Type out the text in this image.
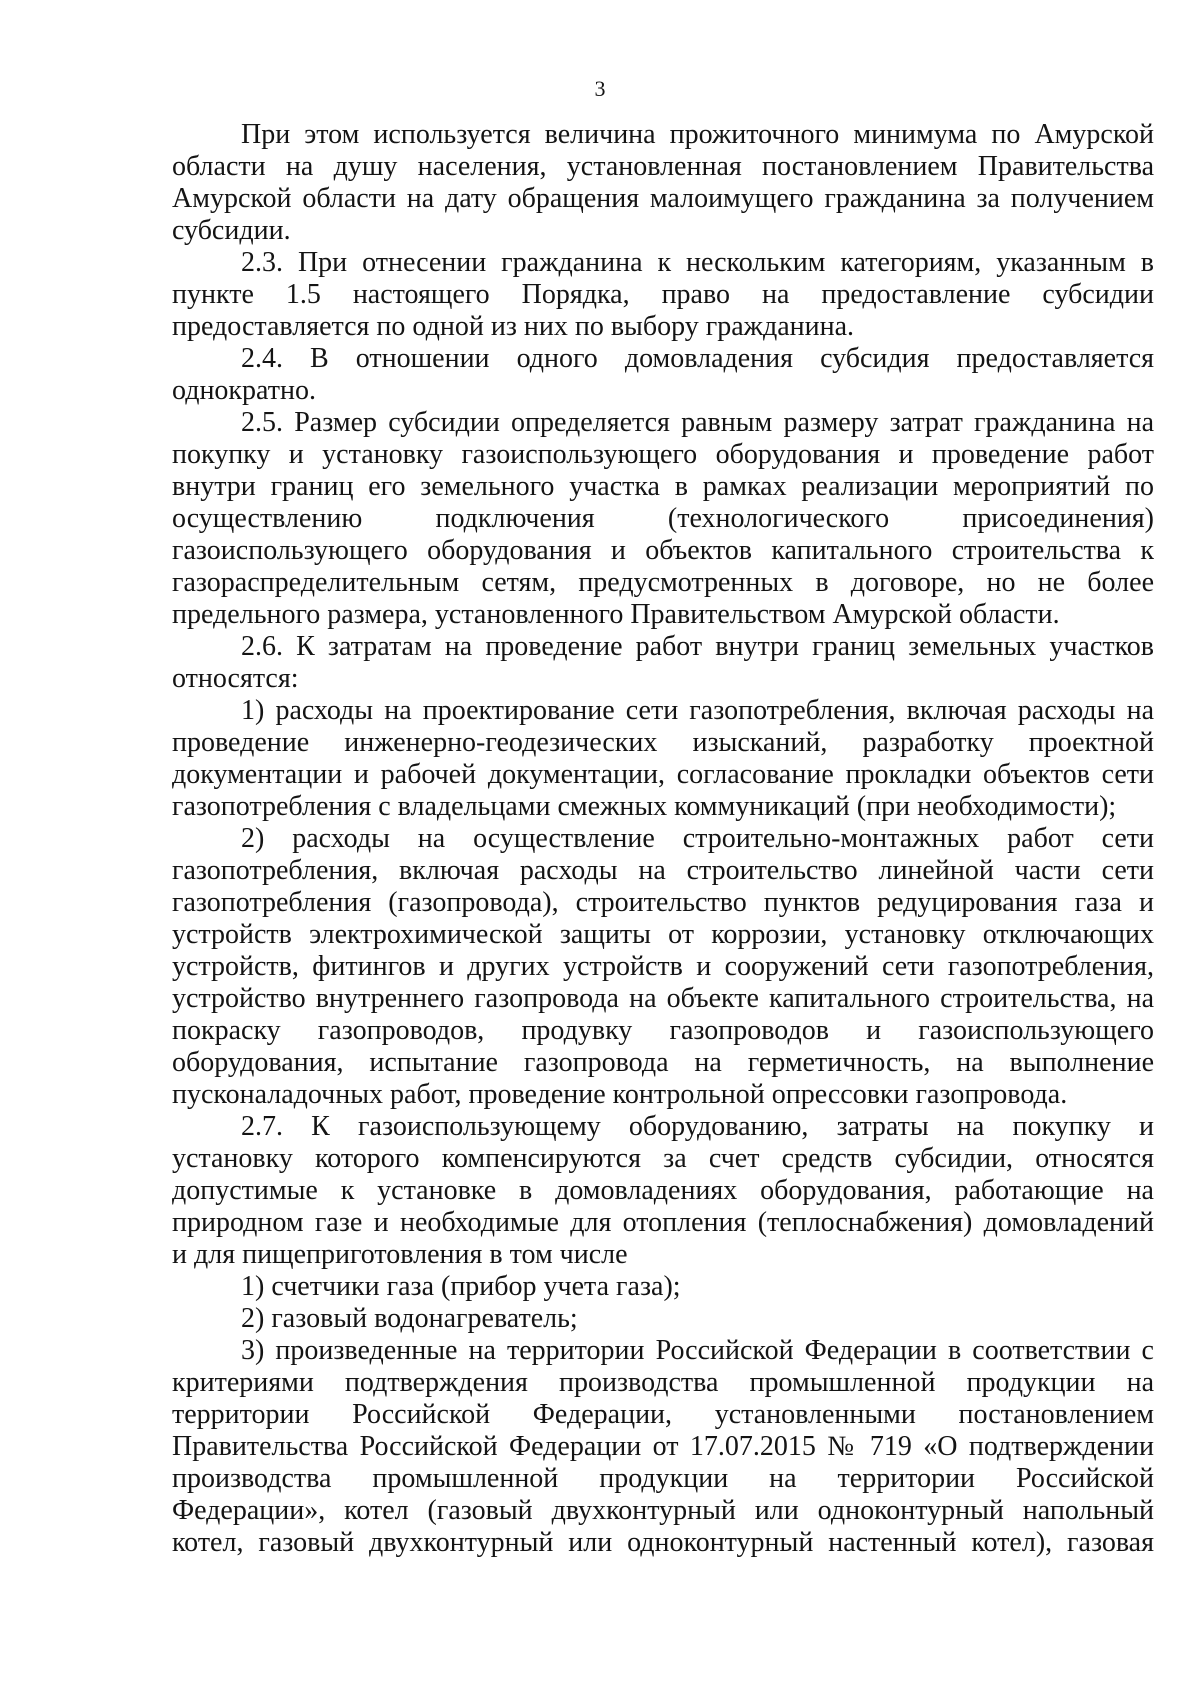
3
При этом используется величина прожиточного минимума по Амурской
области на душу населения, установленная постановлением Правительства
Амурской области на дату обращения малоимущего гражданина за получением
субсидии.
2.3. При отнесении гражданина к нескольким категориям, указанным в
пункте 1.5 настоящего Порядка, право на предоставление субсидии
предоставляется по одной из них по выбору гражданина.
2.4. В отношении одного домовладения субсидия предоставляется
однократно.
2.5. Размер субсидии определяется равным размеру затрат гражданина на
покупку и установку газоиспользующего оборудования и проведение работ
внутри границ его земельного участка в рамках реализации мероприятий по
осуществлению подключения (технологического присоединения)
газоиспользующего оборудования и объектов капитального строительства к
газораспределительным сетям, предусмотренных в договоре, но не более
предельного размера, установленного Правительством Амурской области.
2.6. К затратам на проведение работ внутри границ земельных участков
относятся:
1) расходы на проектирование сети газопотребления, включая расходы на
проведение инженерно-геодезических изысканий, разработку проектной
документации и рабочей документации, согласование прокладки объектов сети
газопотребления с владельцами смежных коммуникаций (при необходимости);
2) расходы на осуществление строительно-монтажных работ сети
газопотребления, включая расходы на строительство линейной части сети
газопотребления (газопровода), строительство пунктов редуцирования газа и
устройств электрохимической защиты от коррозии, установку отключающих
устройств, фитингов и других устройств и сооружений сети газопотребления,
устройство внутреннего газопровода на объекте капитального строительства, на
покраску газопроводов, продувку газопроводов и газоиспользующего
оборудования, испытание газопровода на герметичность, на выполнение
пусконаладочных работ, проведение контрольной опрессовки газопровода.
2.7. К газоиспользующему оборудованию, затраты на покупку и
установку которого компенсируются за счет средств субсидии, относятся
допустимые к установке в домовладениях оборудования, работающие на
природном газе и необходимые для отопления (теплоснабжения) домовладений
и для пищеприготовления в том числе
1) счетчики газа (прибор учета газа);
2) газовый водонагреватель;
3) произведенные на территории Российской Федерации в соответствии с
критериями подтверждения производства промышленной продукции на
территории Российской Федерации, установленными постановлением
Правительства Российской Федерации от 17.07.2015 № 719 «О подтверждении
производства промышленной продукции на территории Российской
Федерации», котел (газовый двухконтурный или одноконтурный напольный
котел, газовый двухконтурный или одноконтурный настенный котел), газовая
